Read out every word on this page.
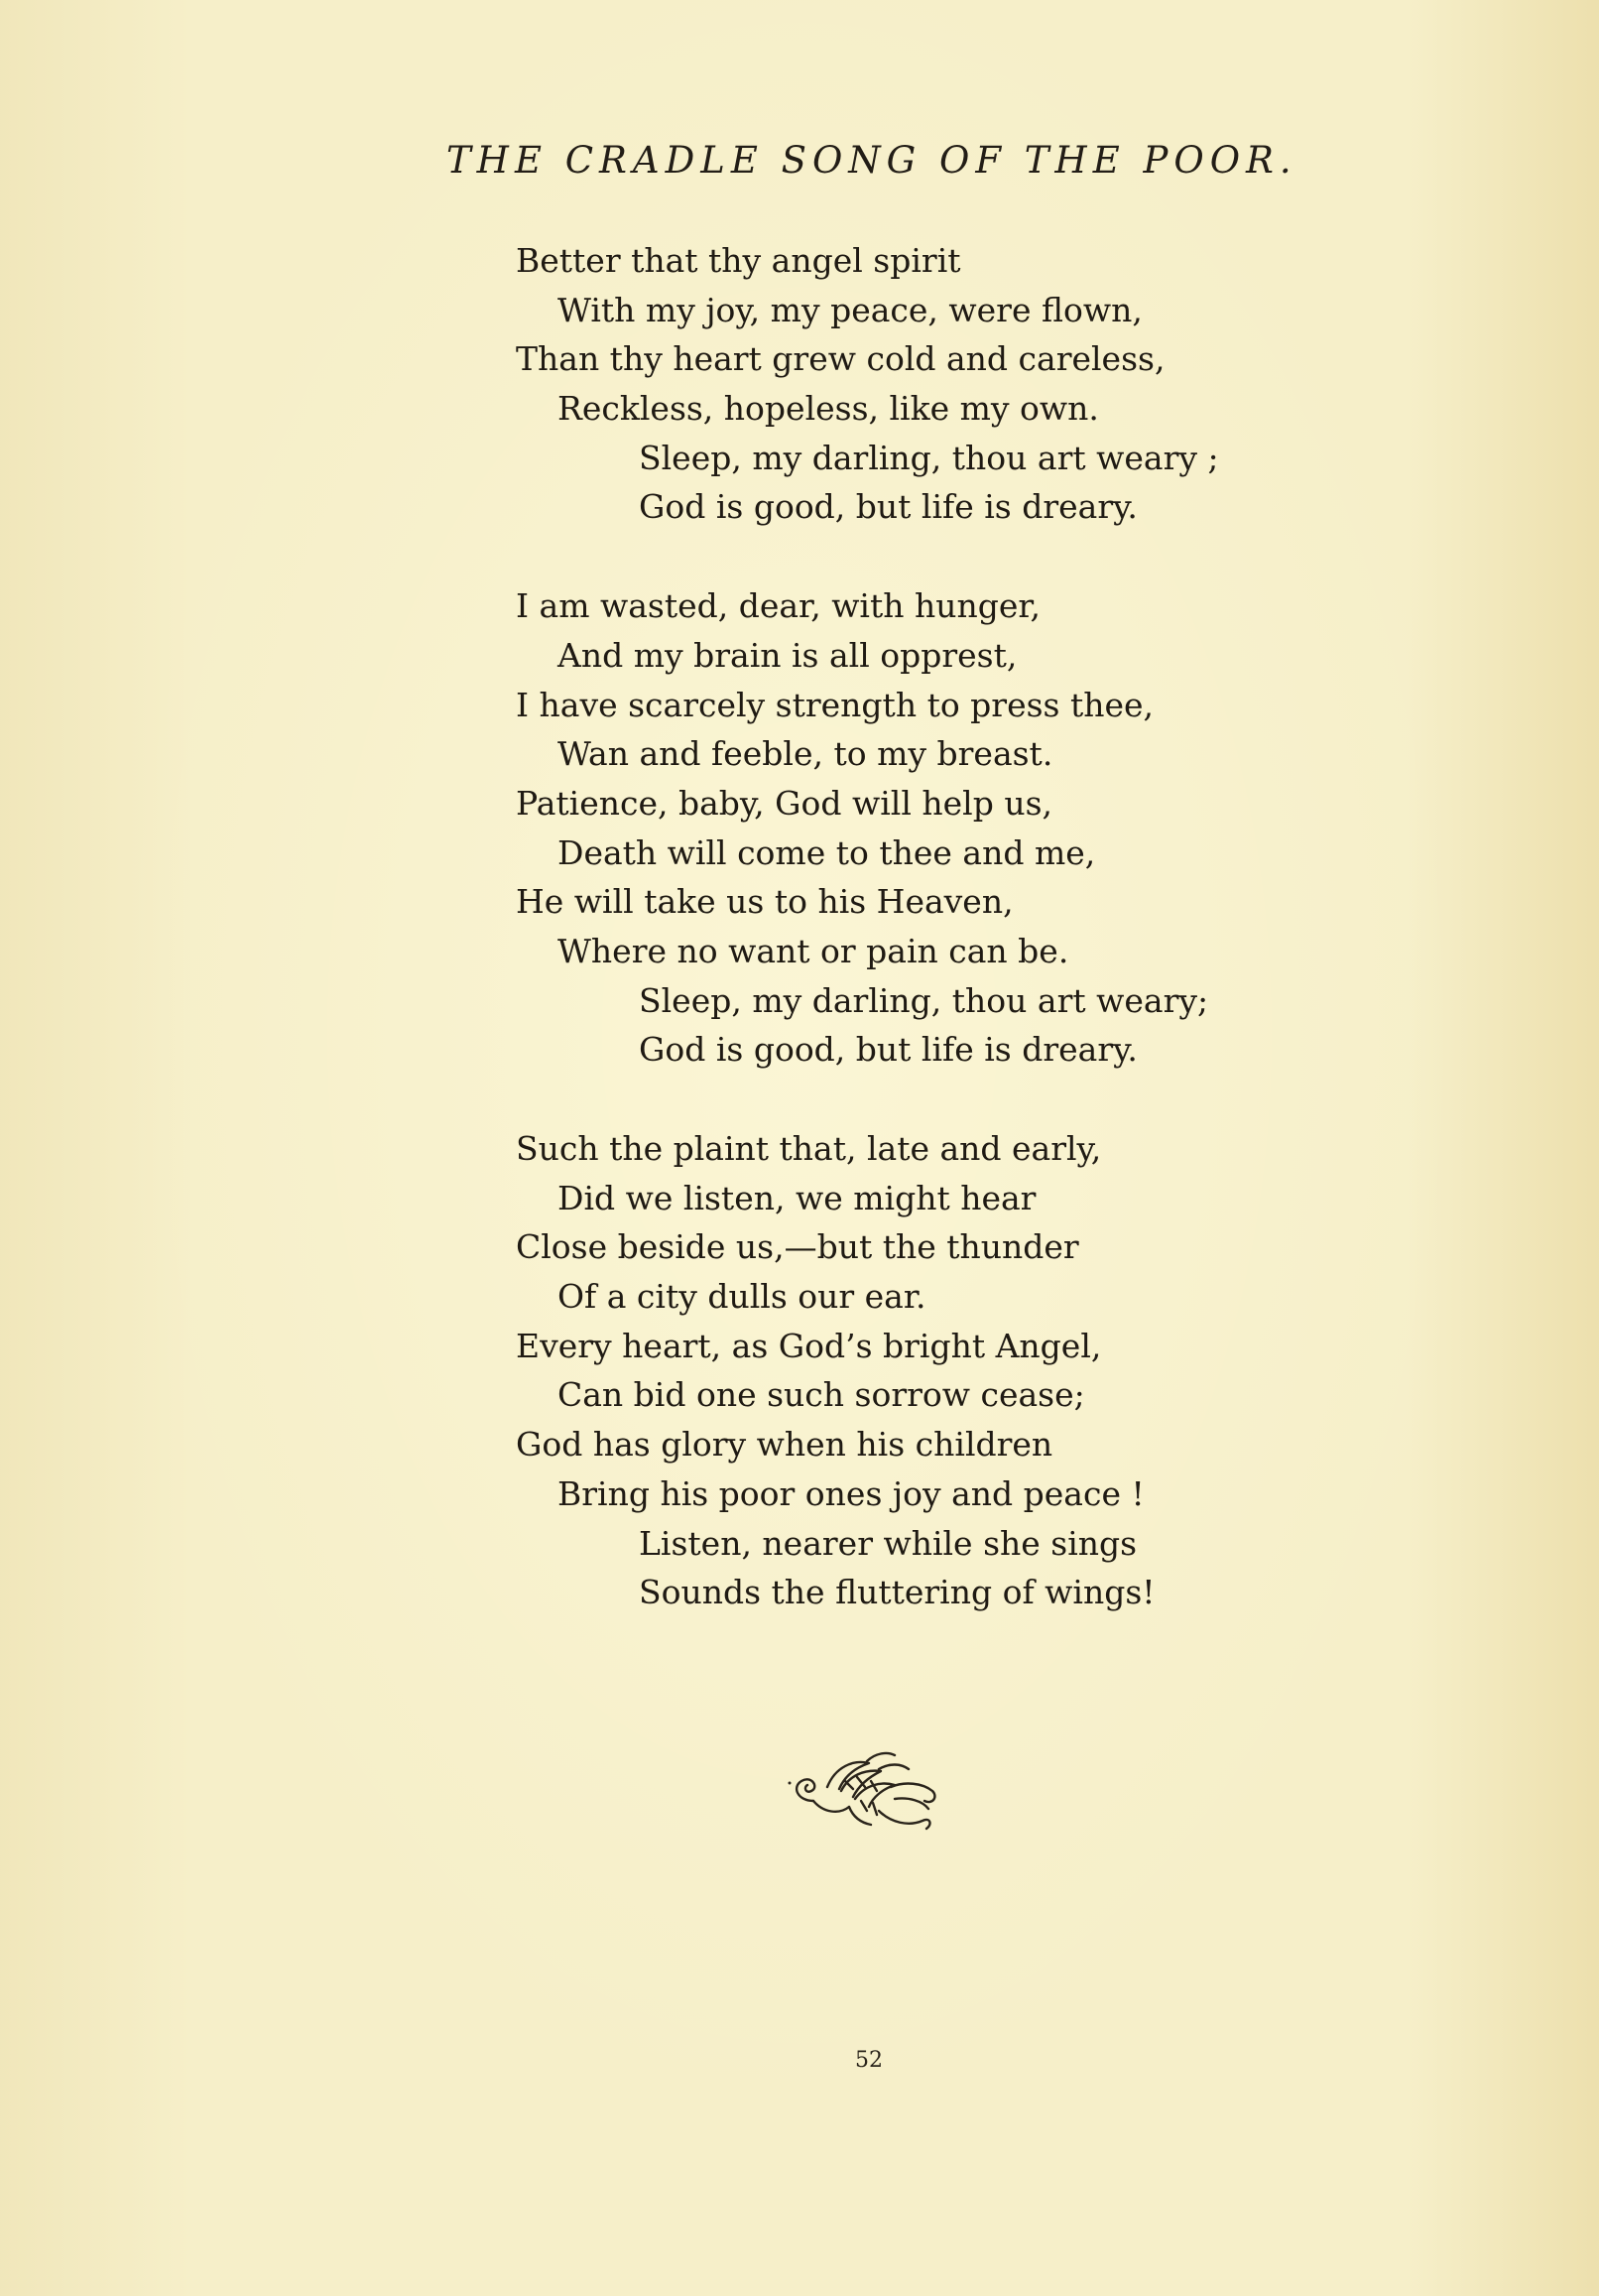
THE CRADLE SONG OF THE POOR.
Better that thy angel spirit
With my joy, my peace, were flown,
Than thy heart grew cold and careless,
Reckless, hopeless, like my own.
Sleep, my darling, thou art weary ;
God is good, but life is dreary.
I am wasted, dear, with hunger,
And my brain is all opprest,
I have scarcely strength to press thee,
Wan and feeble, to my breast.
Patience, baby, God will help us,
Death will come to thee and me,
He will take us to his Heaven,
Where no want or pain can be.
Sleep, my darling, thou art weary;
God is good, but life is dreary.
Such the plaint that, late and early,
Did we listen, we might hear
Close beside us,—but the thunder
Of a city dulls our ear.
Every heart, as God’s bright Angel,
Can bid one such sorrow cease;
God has glory when his children
Bring his poor ones joy and peace !
Listen, nearer while she sings
Sounds the fluttering of wings!
52
